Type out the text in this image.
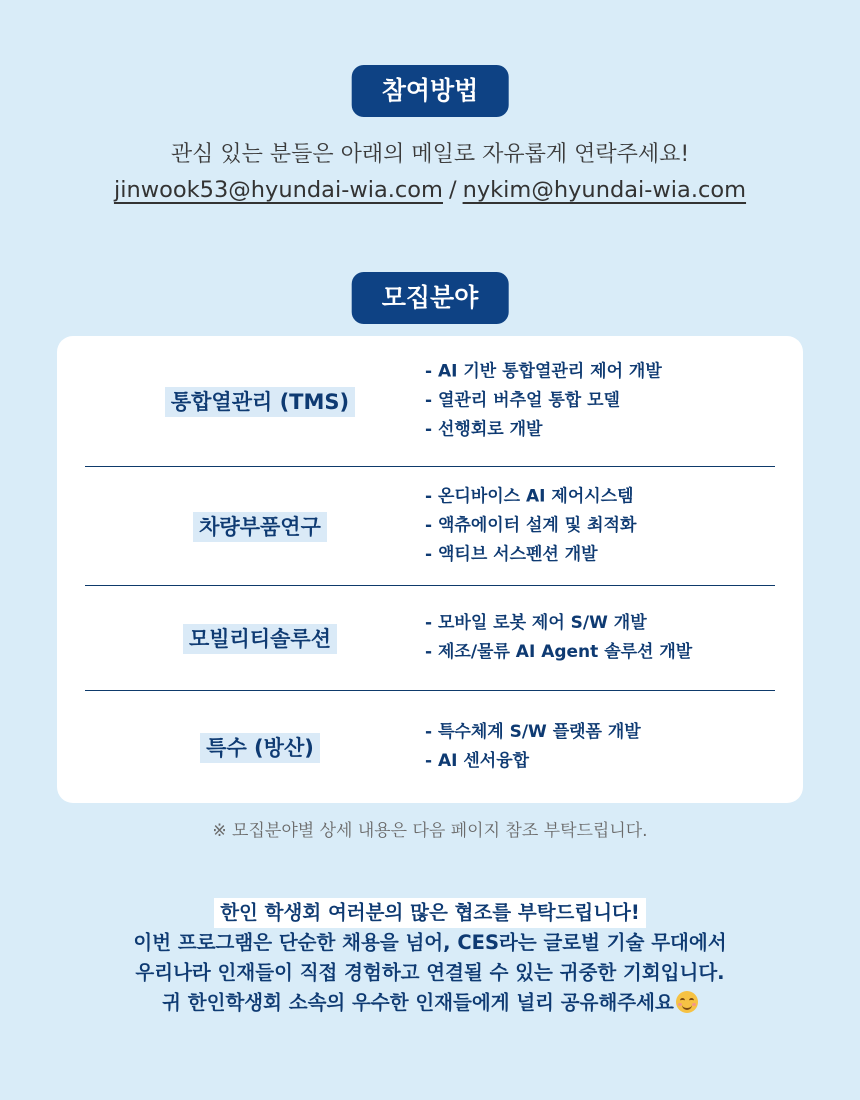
참여방법
관심 있는 분들은 아래의 메일로 자유롭게 연락주세요!
jinwook53@hyundai-wia.com / nykim@hyundai-wia.com
모집분야
통합열관리 (TMS)
- AI 기반 통합열관리 제어 개발
- 열관리 버추얼 통합 모델
- 선행회로 개발
차량부품연구
- 온디바이스 AI 제어시스템
- 액츄에이터 설계 및 최적화
- 액티브 서스펜션 개발
모빌리티솔루션
- 모바일 로봇 제어 S/W 개발
- 제조/물류 AI Agent 솔루션 개발
특수 (방산)
- 특수체계 S/W 플랫폼 개발
- AI 센서융합
※ 모집분야별 상세 내용은 다음 페이지 참조 부탁드립니다.
한인 학생회 여러분의 많은 협조를 부탁드립니다!
이번 프로그램은 단순한 채용을 넘어, CES라는 글로벌 기술 무대에서
우리나라 인재들이 직접 경험하고 연결될 수 있는 귀중한 기회입니다.
귀 한인학생회 소속의 우수한 인재들에게 널리 공유해주세요
